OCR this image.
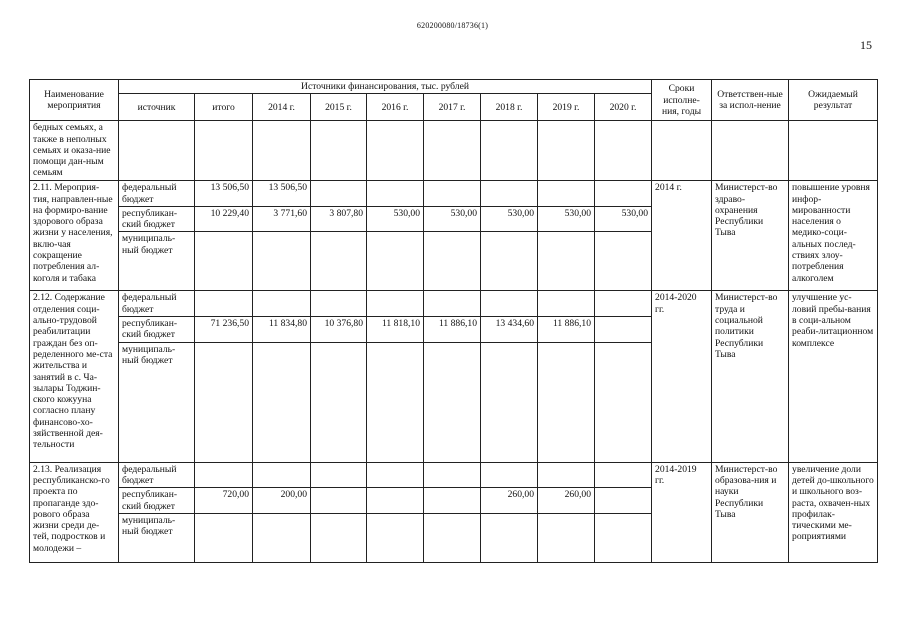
620200080/18736(1)
15
Наименование мероприятия	Источники финансирования, тыс. рублей									Сроки исполне-ния, годы	Ответствен-ные за испол-нение	Ожидаемый результат
	источник	итого	2014 г.	2015 г.	2016 г.	2017 г.	2018 г.	2019 г.	2020 г.			
бедных семьях, а также в неполных семьях и оказа-ние помощи дан-ным семьям												
2.11. Мероприя-тия, направлен-ные на формиро-вание здорового образа жизни у населения, вклю-чая сокращение потребления ал-коголя и табака	федеральный бюджет	13 506,50	13 506,50							2014 г.	Министерст-во здраво-охранения Республики Тыва	повышение уровня инфор-мированности населения о медико-соци-альных послед-ствиях злоу-потребления алкоголем
	республикан-ский бюджет	10 229,40	3 771,60	3 807,80	530,00	530,00	530,00	530,00	530,00			
	муниципаль-ный бюджет											
2.12. Содержание отделения соци-ально-трудовой реабилитации граждан без оп-ределенного ме-ста жительства и занятий в с. Ча-зылары Тоджин-ского кожууна согласно плану финансово-хо-зяйственной дея-тельности	федеральный бюджет									2014-2020 гг.	Министерст-во труда и социальной политики Республики Тыва	улучшение ус-ловий пребы-вания в соци-альном реаби-литационном комплексе
	республикан-ский бюджет	71 236,50	11 834,80	10 376,80	11 818,10	11 886,10	13 434,60	11 886,10				
	муниципаль-ный бюджет											
2.13. Реализация республиканско-го проекта по пропаганде здо-рового образа жизни среди де-тей, подростков и молодежи –	федеральный бюджет									2014-2019 гг.	Министерст-во образова-ния и науки Республики Тыва	увеличение доли детей до-школьного и школьного воз-раста, охвачен-ных профилак-тическими ме-роприятиями
	республикан-ский бюджет	720,00	200,00				260,00	260,00				
	муниципаль-ный бюджет											
